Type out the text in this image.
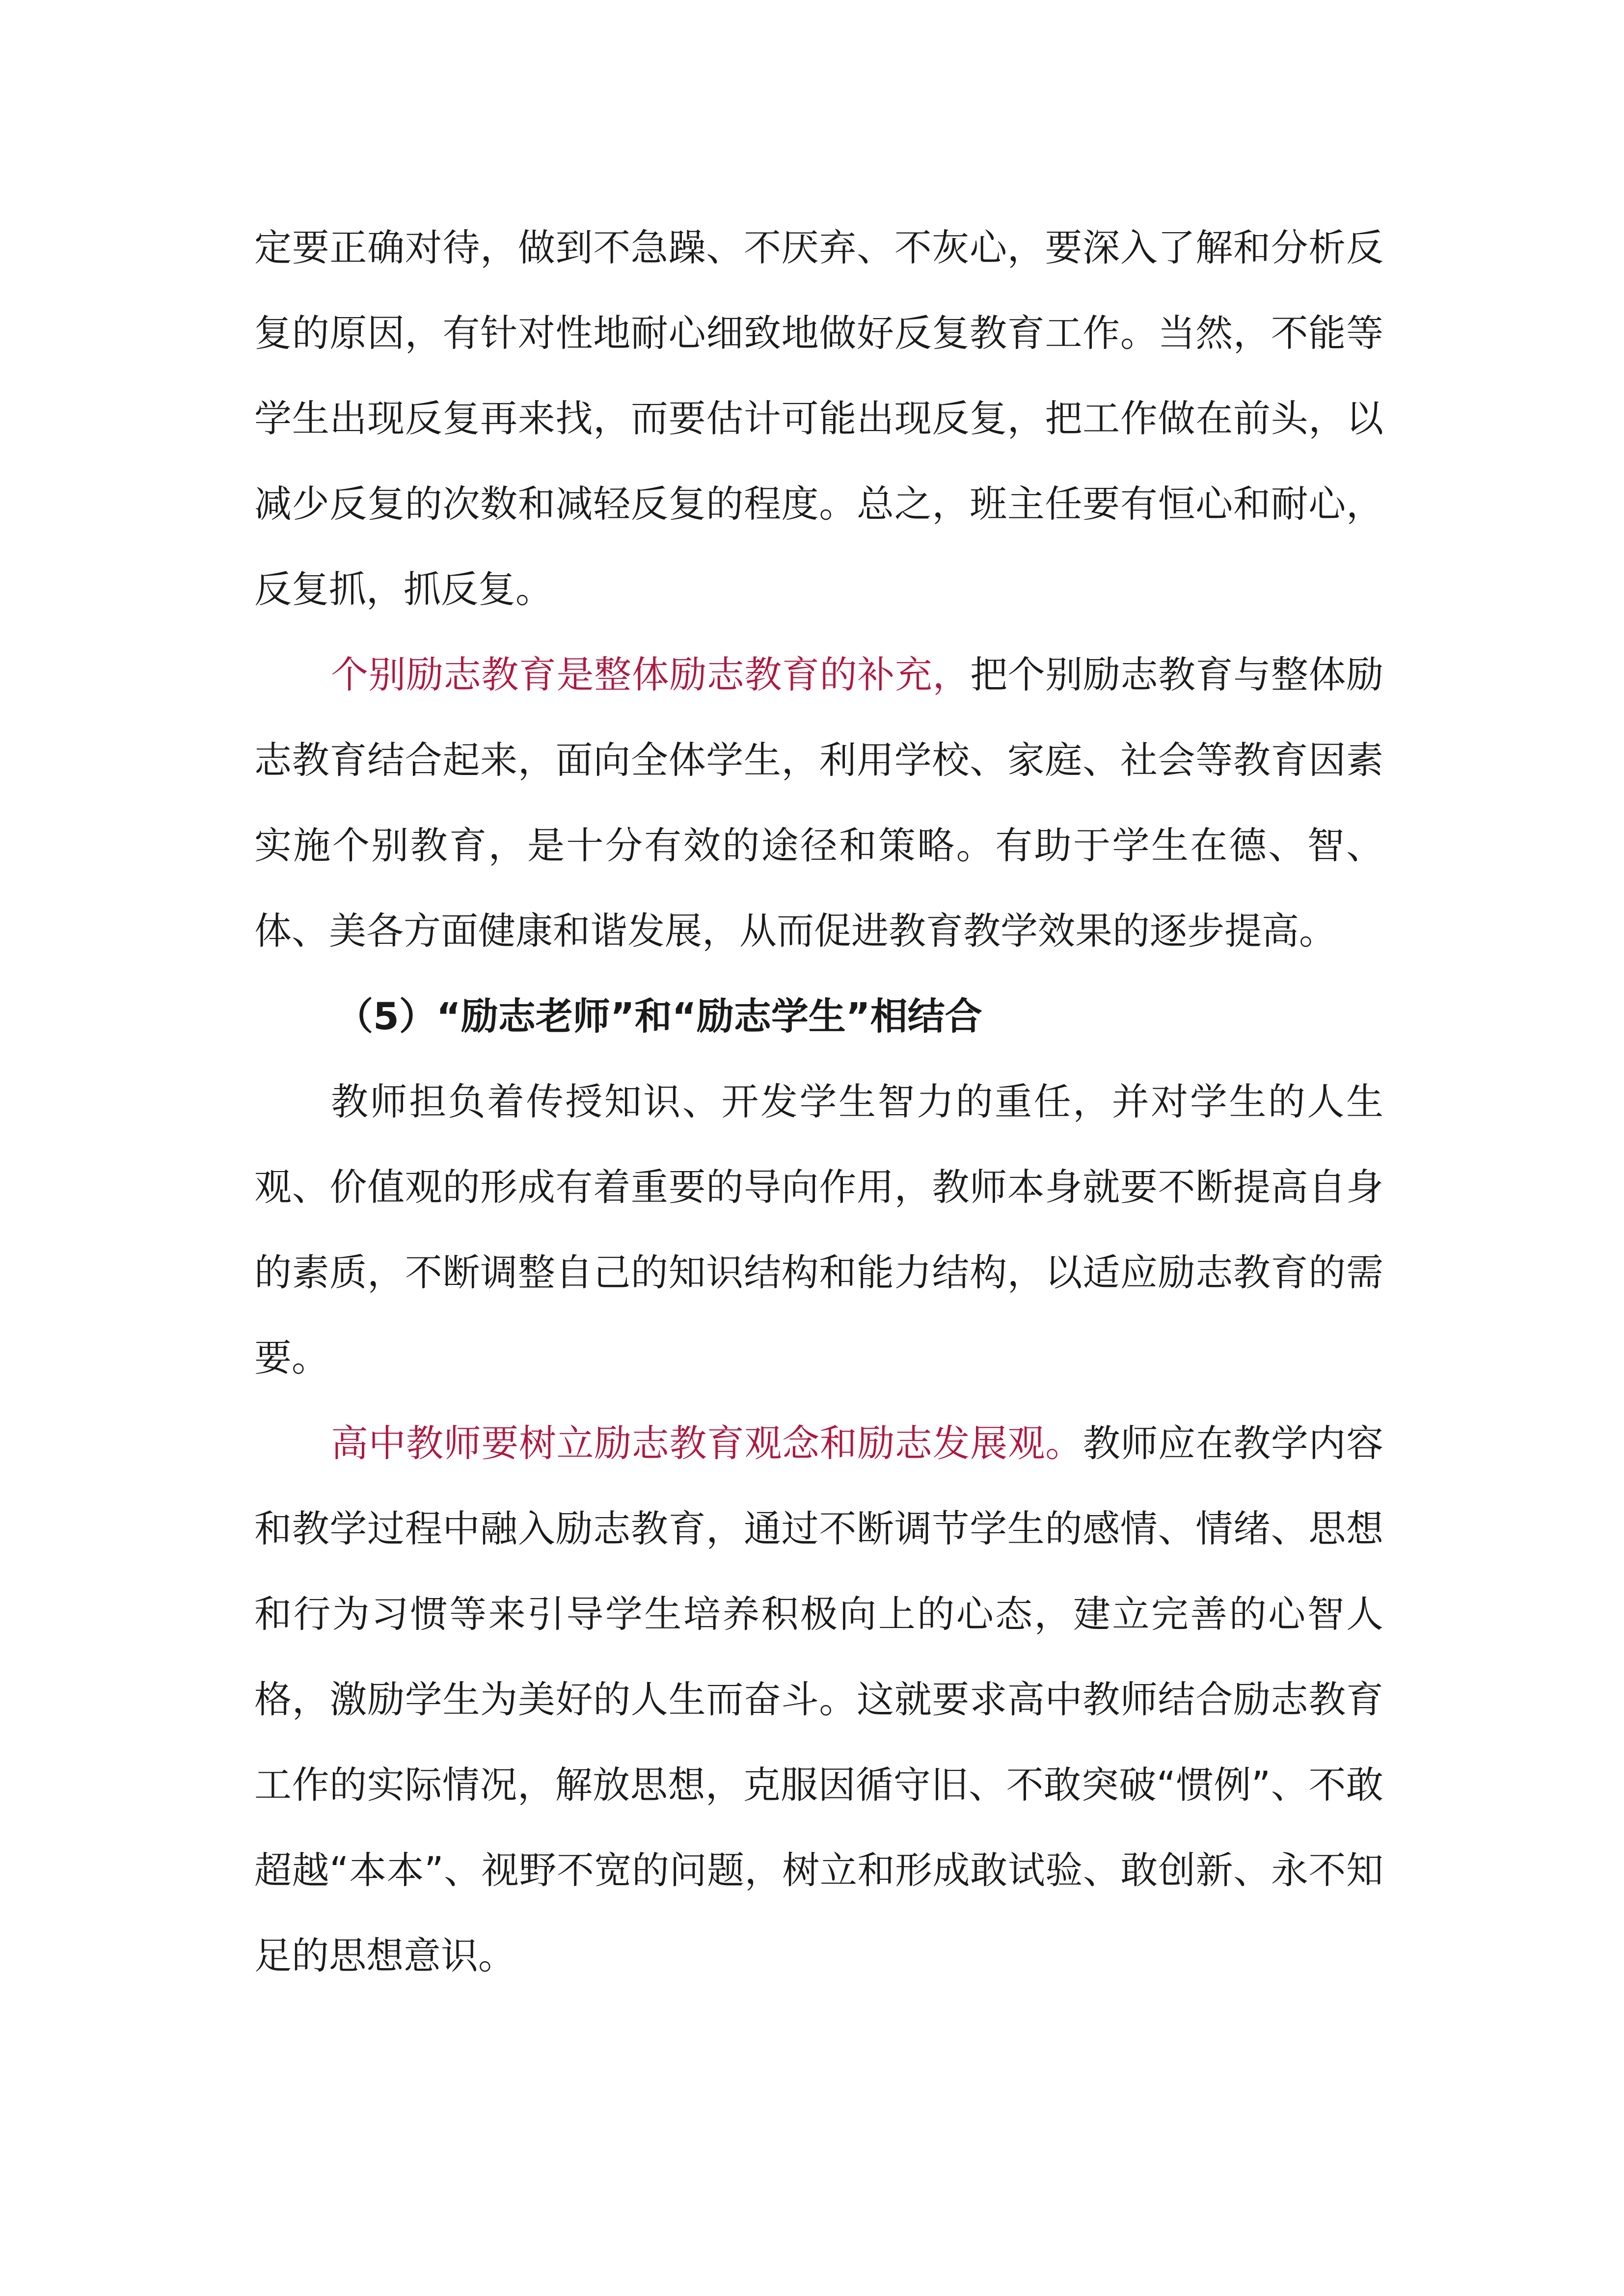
定要正确对待，做到不急躁、不厌弃、不灰心，要深入了解和分析反复的原因，有针对性地耐心细致地做好反复教育工作。当然，不能等学生出现反复再来找，而要估计可能出现反复，把工作做在前头，以减少反复的次数和减轻反复的程度。总之，班主任要有恒心和耐心，反复抓，抓反复。

个别励志教育是整体励志教育的补充，把个别励志教育与整体励志教育结合起来，面向全体学生，利用学校、家庭、社会等教育因素实施个别教育，是十分有效的途径和策略。有助于学生在德、智、体、美各方面健康和谐发展，从而促进教育教学效果的逐步提高。

（5）“励志老师”和“励志学生”相结合

教师担负着传授知识、开发学生智力的重任，并对学生的人生观、价值观的形成有着重要的导向作用，教师本身就要不断提高自身的素质，不断调整自己的知识结构和能力结构，以适应励志教育的需要。

高中教师要树立励志教育观念和励志发展观。教师应在教学内容和教学过程中融入励志教育，通过不断调节学生的感情、情绪、思想和行为习惯等来引导学生培养积极向上的心态，建立完善的心智人格，激励学生为美好的人生而奋斗。这就要求高中教师结合励志教育工作的实际情况，解放思想，克服因循守旧、不敢突破“惯例”、不敢超越“本本”、视野不宽的问题，树立和形成敢试验、敢创新、永不知足的思想意识。
